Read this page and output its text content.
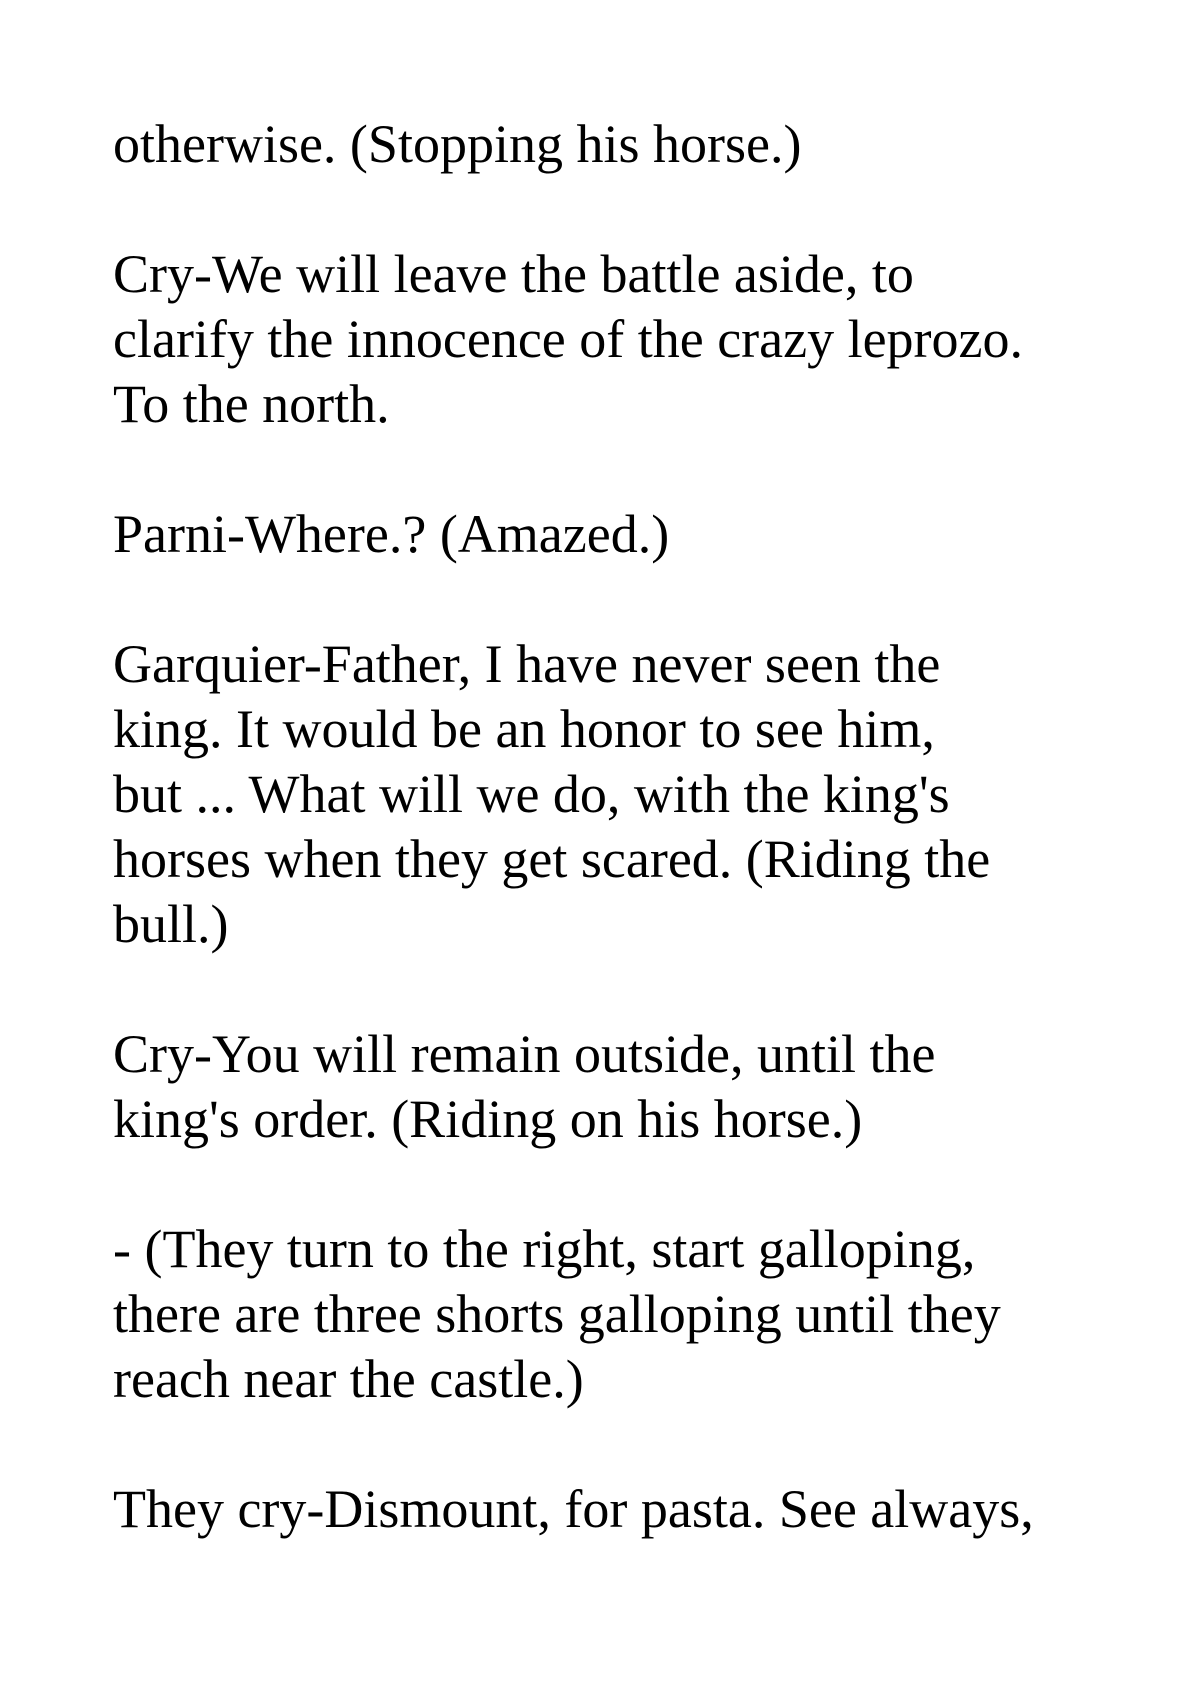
otherwise. (Stopping his horse.)

Cry-We will leave the battle aside, to
clarify the innocence of the crazy leprozo.
To the north.

Parni-Where.? (Amazed.)

Garquier-Father, I have never seen the
king. It would be an honor to see him,
but ... What will we do, with the king's
horses when they get scared. (Riding the
bull.)

Cry-You will remain outside, until the
king's order. (Riding on his horse.)

- (They turn to the right, start galloping,
there are three shorts galloping until they
reach near the castle.)

They cry-Dismount, for pasta. See always,
